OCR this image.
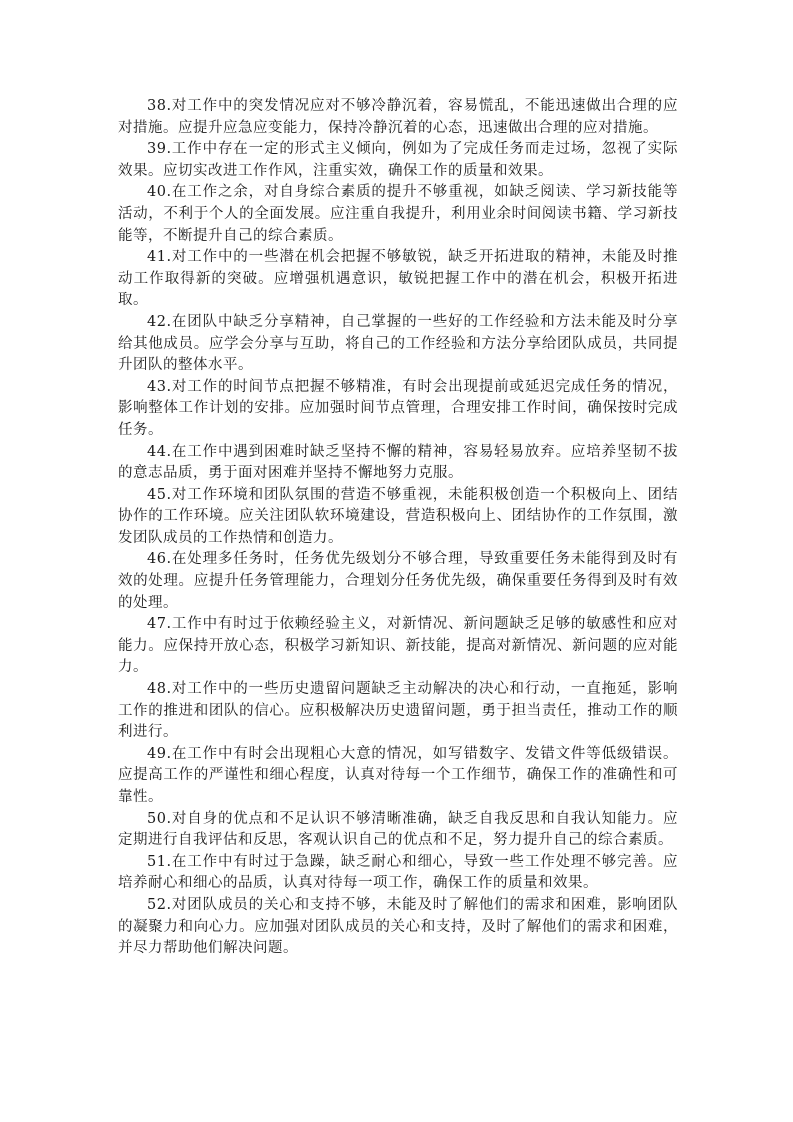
38.对工作中的突发情况应对不够冷静沉着，容易慌乱，不能迅速做出合理的应对措施。应提升应急应变能力，保持冷静沉着的心态，迅速做出合理的应对措施。

39.工作中存在一定的形式主义倾向，例如为了完成任务而走过场，忽视了实际效果。应切实改进工作作风，注重实效，确保工作的质量和效果。

40.在工作之余，对自身综合素质的提升不够重视，如缺乏阅读、学习新技能等活动，不利于个人的全面发展。应注重自我提升，利用业余时间阅读书籍、学习新技能等，不断提升自己的综合素质。

41.对工作中的一些潜在机会把握不够敏锐，缺乏开拓进取的精神，未能及时推动工作取得新的突破。应增强机遇意识，敏锐把握工作中的潜在机会，积极开拓进取。

42.在团队中缺乏分享精神，自己掌握的一些好的工作经验和方法未能及时分享给其他成员。应学会分享与互助，将自己的工作经验和方法分享给团队成员，共同提升团队的整体水平。

43.对工作的时间节点把握不够精准，有时会出现提前或延迟完成任务的情况，影响整体工作计划的安排。应加强时间节点管理，合理安排工作时间，确保按时完成任务。

44.在工作中遇到困难时缺乏坚持不懈的精神，容易轻易放弃。应培养坚韧不拔的意志品质，勇于面对困难并坚持不懈地努力克服。

45.对工作环境和团队氛围的营造不够重视，未能积极创造一个积极向上、团结协作的工作环境。应关注团队软环境建设，营造积极向上、团结协作的工作氛围，激发团队成员的工作热情和创造力。

46.在处理多任务时，任务优先级划分不够合理，导致重要任务未能得到及时有效的处理。应提升任务管理能力，合理划分任务优先级，确保重要任务得到及时有效的处理。

47.工作中有时过于依赖经验主义，对新情况、新问题缺乏足够的敏感性和应对能力。应保持开放心态，积极学习新知识、新技能，提高对新情况、新问题的应对能力。

48.对工作中的一些历史遗留问题缺乏主动解决的决心和行动，一直拖延，影响工作的推进和团队的信心。应积极解决历史遗留问题，勇于担当责任，推动工作的顺利进行。

49.在工作中有时会出现粗心大意的情况，如写错数字、发错文件等低级错误。应提高工作的严谨性和细心程度，认真对待每一个工作细节，确保工作的准确性和可靠性。

50.对自身的优点和不足认识不够清晰准确，缺乏自我反思和自我认知能力。应定期进行自我评估和反思，客观认识自己的优点和不足，努力提升自己的综合素质。

51.在工作中有时过于急躁，缺乏耐心和细心，导致一些工作处理不够完善。应培养耐心和细心的品质，认真对待每一项工作，确保工作的质量和效果。

52.对团队成员的关心和支持不够，未能及时了解他们的需求和困难，影响团队的凝聚力和向心力。应加强对团队成员的关心和支持，及时了解他们的需求和困难，并尽力帮助他们解决问题。
